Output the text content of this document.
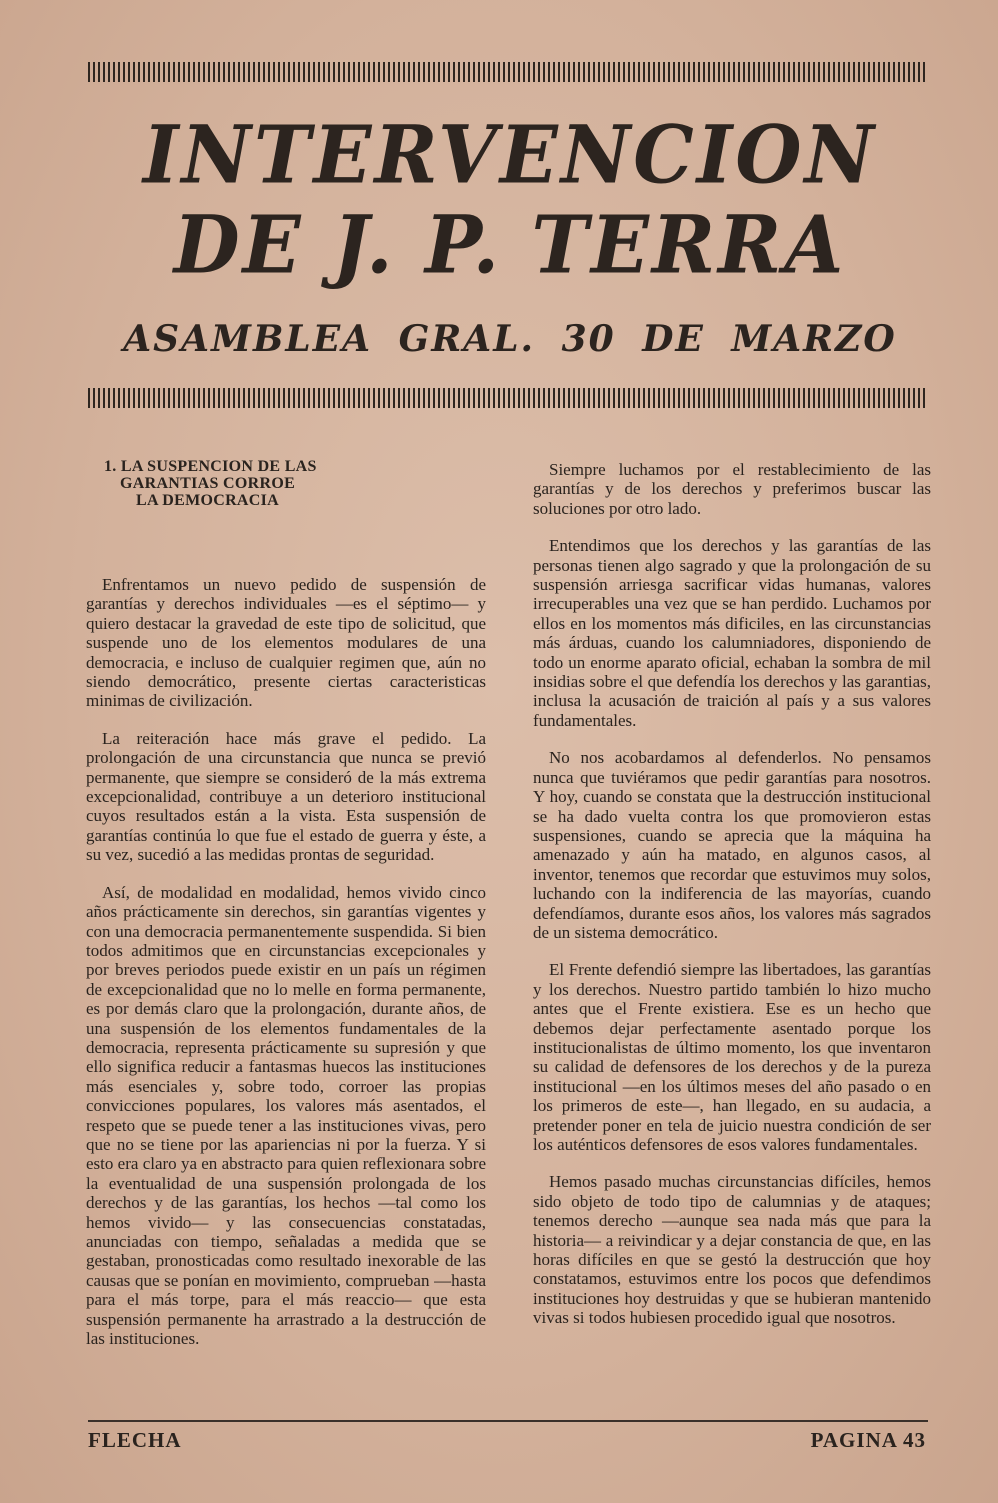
INTERVENCION
DE J. P. TERRA
ASAMBLEA GRAL. 30 DE MARZO
1. LA SUSPENCION DE LAS
GARANTIAS CORROE
LA DEMOCRACIA

Enfrentamos un nuevo pedido de suspensión de garantías y derechos individuales —es el séptimo— y quiero destacar la gravedad de este tipo de solicitud, que suspende uno de los elementos modulares de una democracia, e incluso de cualquier regimen que, aún no siendo democrático, presente ciertas caracteristicas minimas de civilización.

La reiteración hace más grave el pedido. La prolongación de una circunstancia que nunca se previó permanente, que siempre se consideró de la más extrema excepcionalidad, contribuye a un deterioro institucional cuyos resultados están a la vista. Esta suspensión de garantías continúa lo que fue el estado de guerra y éste, a su vez, sucedió a las medidas prontas de seguridad.

Así, de modalidad en modalidad, hemos vivido cinco años prácticamente sin derechos, sin garantías vigentes y con una democracia permanentemente suspendida. Si bien todos admitimos que en circunstancias excepcionales y por breves periodos puede existir en un país un régimen de excepcionalidad que no lo melle en forma permanente, es por demás claro que la prolongación, durante años, de una suspensión de los elementos fundamentales de la democracia, representa prácticamente su supresión y que ello significa reducir a fantasmas huecos las instituciones más esenciales y, sobre todo, corroer las propias convicciones populares, los valores más asentados, el respeto que se puede tener a las instituciones vivas, pero que no se tiene por las apariencias ni por la fuerza. Y si esto era claro ya en abstracto para quien reflexionara sobre la eventualidad de una suspensión prolongada de los derechos y de las garantías, los hechos —tal como los hemos vivido— y las consecuencias constatadas, anunciadas con tiempo, señaladas a medida que se gestaban, pronosticadas como resultado inexorable de las causas que se ponían en movimiento, comprueban —hasta para el más torpe, para el más reaccio— que esta suspensión permanente ha arrastrado a la destrucción de las instituciones.

Siempre luchamos por el restablecimiento de las garantías y de los derechos y preferimos buscar las soluciones por otro lado.

Entendimos que los derechos y las garantías de las personas tienen algo sagrado y que la prolongación de su suspensión arriesga sacrificar vidas humanas, valores irrecuperables una vez que se han perdido. Luchamos por ellos en los momentos más dificiles, en las circunstancias más árduas, cuando los calumniadores, disponiendo de todo un enorme aparato oficial, echaban la sombra de mil insidias sobre el que defendía los derechos y las garantias, inclusa la acusación de traición al país y a sus valores fundamentales.

No nos acobardamos al defenderlos. No pensamos nunca que tuviéramos que pedir garantías para nosotros. Y hoy, cuando se constata que la destrucción institucional se ha dado vuelta contra los que promovieron estas suspensiones, cuando se aprecia que la máquina ha amenazado y aún ha matado, en algunos casos, al inventor, tenemos que recordar que estuvimos muy solos, luchando con la indiferencia de las mayorías, cuando defendíamos, durante esos años, los valores más sagrados de un sistema democrático.

El Frente defendió siempre las libertadoes, las garantías y los derechos. Nuestro partido también lo hizo mucho antes que el Frente existiera. Ese es un hecho que debemos dejar perfectamente asentado porque los institucionalistas de último momento, los que inventaron su calidad de defensores de los derechos y de la pureza institucional —en los últimos meses del año pasado o en los primeros de este—, han llegado, en su audacia, a pretender poner en tela de juicio nuestra condición de ser los auténticos defensores de esos valores fundamentales.

Hemos pasado muchas circunstancias difíciles, hemos sido objeto de todo tipo de calumnias y de ataques; tenemos derecho —aunque sea nada más que para la historia— a reivindicar y a dejar constancia de que, en las horas difíciles en que se gestó la destrucción que hoy constatamos, estuvimos entre los pocos que defendimos instituciones hoy destruidas y que se hubieran mantenido vivas si todos hubiesen procedido igual que nosotros.

FLECHA	PAGINA 43
